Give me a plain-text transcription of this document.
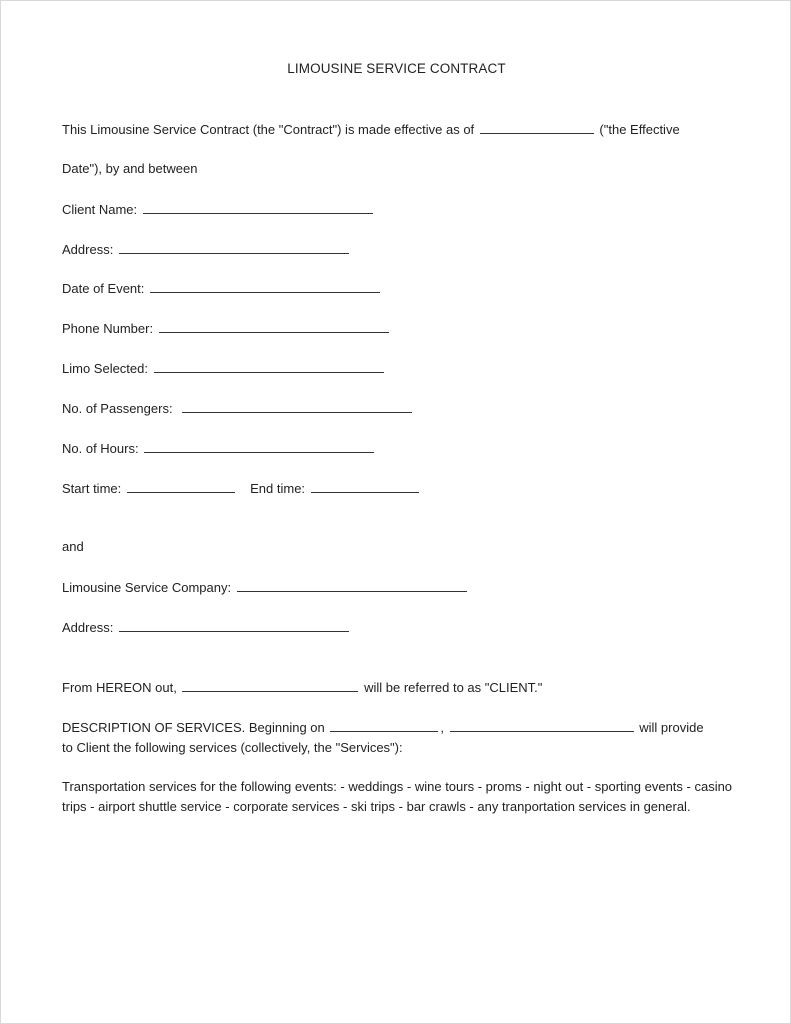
LIMOUSINE SERVICE CONTRACT
This Limousine Service Contract (the "Contract") is made effective as of	("the Effective
Date"), by and between
Client Name:
Address:
Date of Event:
Phone Number:
Limo Selected:
No. of Passengers:
No. of Hours:
Start time:	End time:
and
Limousine Service Company:
Address:
From HEREON out,	will be referred to as "CLIENT."
DESCRIPTION OF SERVICES. Beginning on	,	will provide
to Client the following services (collectively, the "Services"):
Transportation services for the following events: - weddings - wine tours - proms - night out - sporting events - casino trips - airport shuttle service - corporate services - ski trips - bar crawls - any tranportation services in general.
